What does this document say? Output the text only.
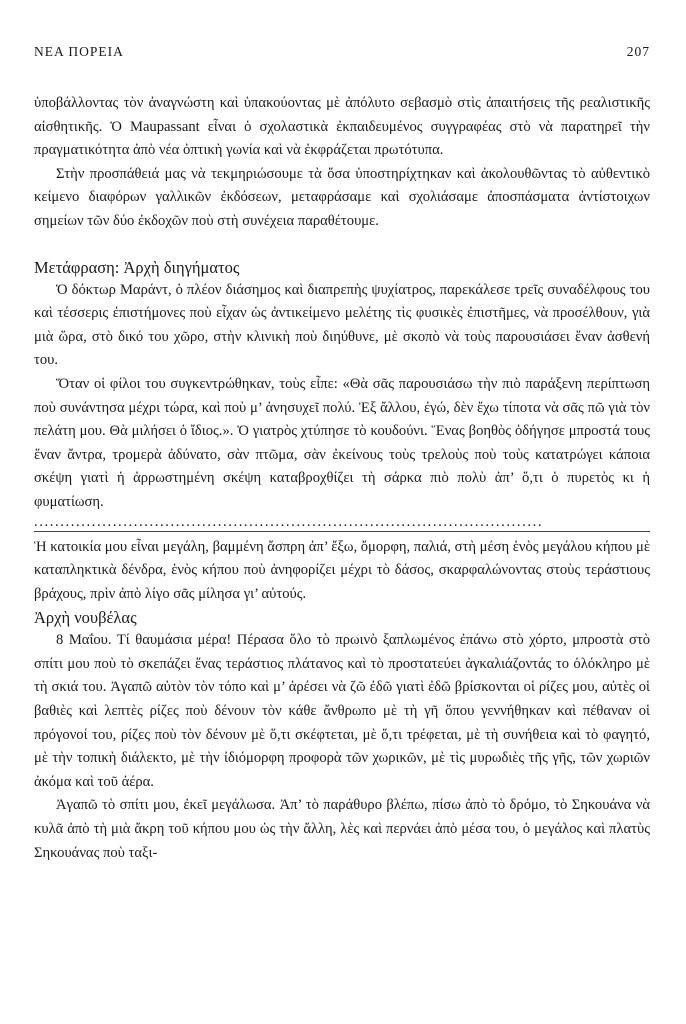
ΝΕΑ ΠΟΡΕΙΑ	207

ὑποβάλλοντας τὸν ἀναγνώστη καὶ ὑπακούοντας μὲ ἀπόλυτο σεβασμὸ στὶς ἀπαιτήσεις τῆς ρεαλιστικῆς αἰσθητικῆς. Ὁ Maupassant εἶναι ὁ σχολαστικὰ ἐκπαιδευμένος συγγραφέας στὸ νὰ παρατηρεῖ τὴν πραγματικότητα ἀπὸ νέα ὀπτικὴ γωνία καὶ νὰ ἐκφράζεται πρωτότυπα.

Στὴν προσπάθειά μας νὰ τεκμηριώσουμε τὰ ὅσα ὑποστηρίχτηκαν καὶ ἀκολουθῶντας τὸ αὐθεντικὸ κείμενο διαφόρων γαλλικῶν ἐκδόσεων, μεταφράσαμε καὶ σχολιάσαμε ἀποσπάσματα ἀντίστοιχων σημείων τῶν δύο ἐκδοχῶν ποὺ στὴ συνέχεια παραθέτουμε.

Μετάφραση: Ἀρχὴ διηγήματος

Ὁ δόκτωρ Μαράντ, ὁ πλέον διάσημος καὶ διαπρεπὴς ψυχίατρος, παρεκάλεσε τρεῖς συναδέλφους του καὶ τέσσερις ἐπιστήμονες ποὺ εἶχαν ὡς ἀντικείμενο μελέτης τὶς φυσικὲς ἐπιστῆμες, νὰ προσέλθουν, γιὰ μιὰ ὥρα, στὸ δικό του χῶρο, στὴν κλινικὴ ποὺ διηύθυνε, μὲ σκοπὸ νὰ τοὺς παρουσιάσει ἕναν ἀσθενή του.

Ὅταν οἱ φίλοι του συγκεντρώθηκαν, τοὺς εἶπε: «Θὰ σᾶς παρουσιάσω τὴν πιὸ παράξενη περίπτωση ποὺ συνάντησα μέχρι τώρα, καὶ ποὺ μ’ ἀνησυχεῖ πολύ. Ἐξ ἄλλου, ἐγώ, δὲν ἔχω τίποτα νὰ σᾶς πῶ γιὰ τὸν πελάτη μου. Θὰ μιλήσει ὁ ἴδιος.». Ὁ γιατρὸς χτύπησε τὸ κουδούνι. Ἕνας βοηθὸς ὁδήγησε μπροστά τους ἕναν ἄντρα, τρομερὰ ἀδύνατο, σὰν πτῶμα, σὰν ἐκείνους τοὺς τρελοὺς ποὺ τοὺς κατατρώγει κάποια σκέψη γιατὶ ἡ ἀρρωστημένη σκέψη καταβροχθίζει τὴ σάρκα πιὸ πολὺ ἀπ’ ὅ,τι ὁ πυρετὸς κι ἡ φυματίωση.

.................................................................................................

Ἡ κατοικία μου εἶναι μεγάλη, βαμμένη ἄσπρη ἀπ’ ἔξω, ὄμορφη, παλιά, στὴ μέση ἑνὸς μεγάλου κήπου μὲ καταπληκτικὰ δένδρα, ἑνὸς κήπου ποὺ ἀνηφορίζει μέχρι τὸ δάσος, σκαρφαλώνοντας στοὺς τεράστιους βράχους, πρὶν ἀπὸ λίγο σᾶς μίλησα γι’ αὐτούς.

Ἀρχὴ νουβέλας

8 Μαΐου. Τί θαυμάσια μέρα! Πέρασα ὅλο τὸ πρωινὸ ξαπλωμένος ἐπάνω στὸ χόρτο, μπροστὰ στὸ σπίτι μου ποὺ τὸ σκεπάζει ἕνας τεράστιος πλάτανος καὶ τὸ προστατεύει ἀγκαλιάζοντάς το ὁλόκληρο μὲ τὴ σκιά του. Ἀγαπῶ αὐτὸν τὸν τόπο καὶ μ’ ἀρέσει νὰ ζῶ ἐδῶ γιατὶ ἐδῶ βρίσκονται οἱ ρίζες μου, αὐτὲς οἱ βαθιὲς καὶ λεπτὲς ρίζες ποὺ δένουν τὸν κάθε ἄνθρωπο μὲ τὴ γῆ ὅπου γεννήθηκαν καὶ πέθαναν οἱ πρόγονοί του, ρίζες ποὺ τὸν δένουν μὲ ὅ,τι σκέφτεται, μὲ ὅ,τι τρέφεται, μὲ τὴ συνήθεια καὶ τὸ φαγητό, μὲ τὴν τοπικὴ διάλεκτο, μὲ τὴν ἰδιόμορφη προφορὰ τῶν χωρικῶν, μὲ τὶς μυρωδιὲς τῆς γῆς, τῶν χωριῶν ἀκόμα καὶ τοῦ ἀέρα.

Ἀγαπῶ τὸ σπίτι μου, ἐκεῖ μεγάλωσα. Ἀπ’ τὸ παράθυρο βλέπω, πίσω ἀπὸ τὸ δρόμο, τὸ Σηκουάνα νὰ κυλᾶ ἀπὸ τὴ μιὰ ἄκρη τοῦ κήπου μου ὡς τὴν ἄλλη, λὲς καὶ περνάει ἀπὸ μέσα του, ὁ μεγάλος καὶ πλατὺς Σηκουάνας ποὺ ταξι-
